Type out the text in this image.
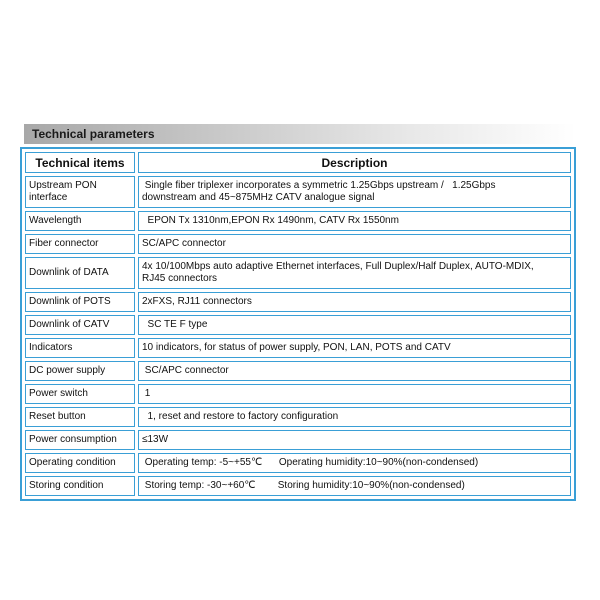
Technical parameters
Technical items	Description
Upstream PON
interface	Single fiber triplexer incorporates a symmetric 1.25Gbps upstream /   1.25Gbps
downstream and 45~875MHz CATV analogue signal
Wavelength	EPON Tx 1310nm,EPON Rx 1490nm, CATV Rx 1550nm
Fiber connector	SC/APC connector
Downlink of DATA	4x 10/100Mbps auto adaptive Ethernet interfaces, Full Duplex/Half Duplex, AUTO-MDIX,
RJ45 connectors
Downlink of POTS	2xFXS, RJ11 connectors
Downlink of CATV	SC TE F type
Indicators	10 indicators, for status of power supply, PON, LAN, POTS and CATV
DC power supply	SC/APC connector
Power switch	1
Reset button	1, reset and restore to factory configuration
Power consumption	≤13W
Operating condition	Operating temp: -5~+55℃      Operating humidity:10~90%(non-condensed)
Storing condition	Storing temp: -30~+60℃        Storing humidity:10~90%(non-condensed)
